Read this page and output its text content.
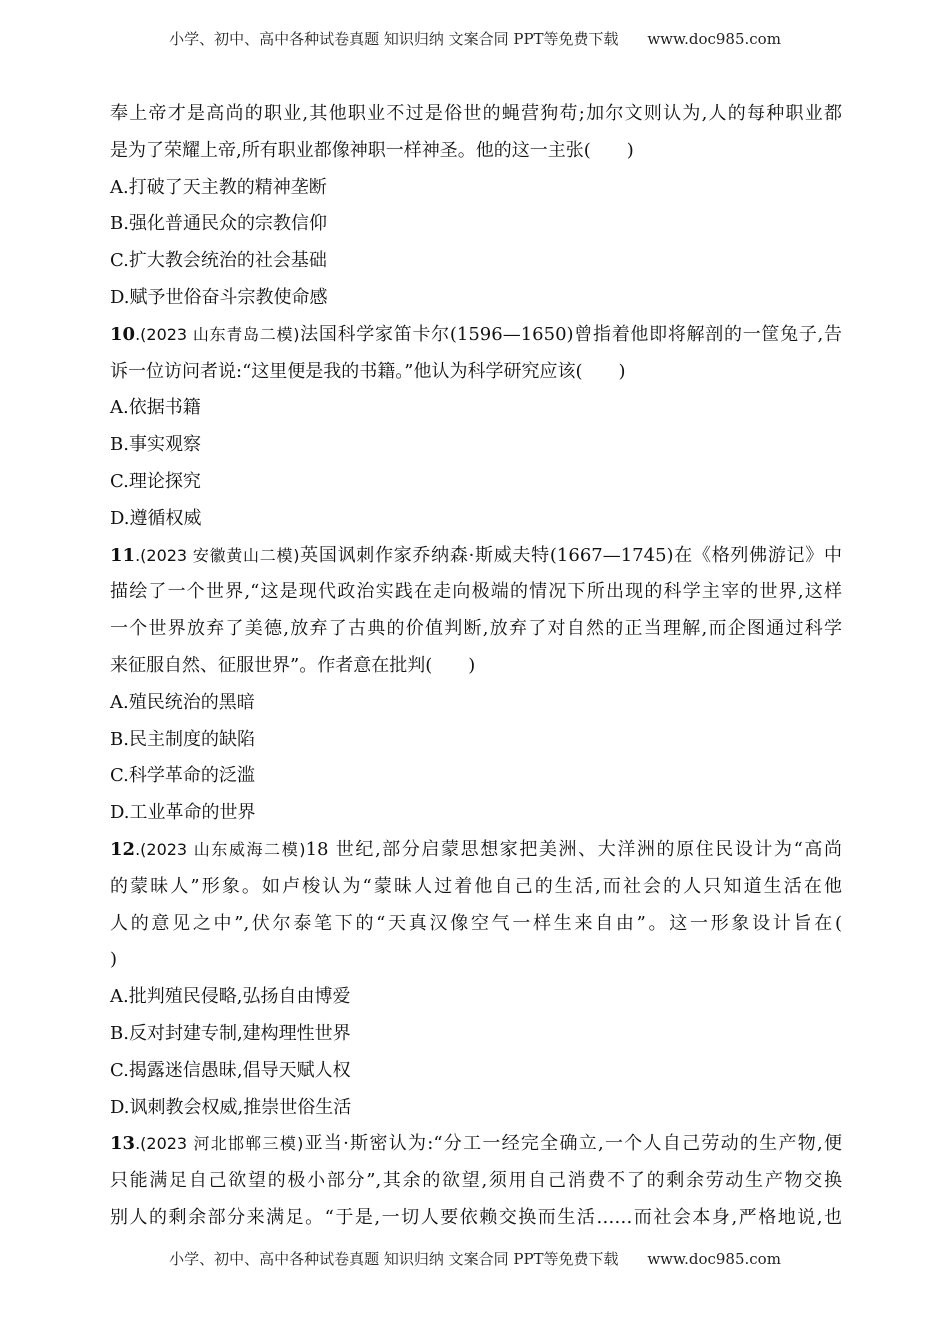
小学、初中、高中各种试卷真题 知识归纳 文案合同 PPT等免费下载 www.doc985.com
奉上帝才是高尚的职业,其他职业不过是俗世的蝇营狗苟;加尔文则认为,人的每种职业都
是为了荣耀上帝,所有职业都像神职一样神圣。他的这一主张(　　)
A.打破了天主教的精神垄断
B.强化普通民众的宗教信仰
C.扩大教会统治的社会基础
D.赋予世俗奋斗宗教使命感
10.(2023 山东青岛二模)法国科学家笛卡尔(1596—1650)曾指着他即将解剖的一筐兔子,告
诉一位访问者说:“这里便是我的书籍。”他认为科学研究应该(　　)
A.依据书籍
B.事实观察
C.理论探究
D.遵循权威
11.(2023 安徽黄山二模)英国讽刺作家乔纳森·斯威夫特(1667—1745)在《格列佛游记》中
描绘了一个世界,“这是现代政治实践在走向极端的情况下所出现的科学主宰的世界,这样
一个世界放弃了美德,放弃了古典的价值判断,放弃了对自然的正当理解,而企图通过科学
来征服自然、征服世界”。作者意在批判(　　)
A.殖民统治的黑暗
B.民主制度的缺陷
C.科学革命的泛滥
D.工业革命的世界
12.(2023 山东威海二模)18 世纪,部分启蒙思想家把美洲、大洋洲的原住民设计为“高尚
的蒙昧人”形象。如卢梭认为“蒙昧人过着他自己的生活,而社会的人只知道生活在他
人的意见之中”,伏尔泰笔下的“天真汉像空气一样生来自由”。这一形象设计旨在(
)
A.批判殖民侵略,弘扬自由博爱
B.反对封建专制,建构理性世界
C.揭露迷信愚昧,倡导天赋人权
D.讽刺教会权威,推崇世俗生活
13.(2023 河北邯郸三模)亚当·斯密认为:“分工一经完全确立,一个人自己劳动的生产物,便
只能满足自己欲望的极小部分”,其余的欲望,须用自己消费不了的剩余劳动生产物交换
别人的剩余部分来满足。“于是,一切人要依赖交换而生活……而社会本身,严格地说,也
小学、初中、高中各种试卷真题 知识归纳 文案合同 PPT等免费下载 www.doc985.com
